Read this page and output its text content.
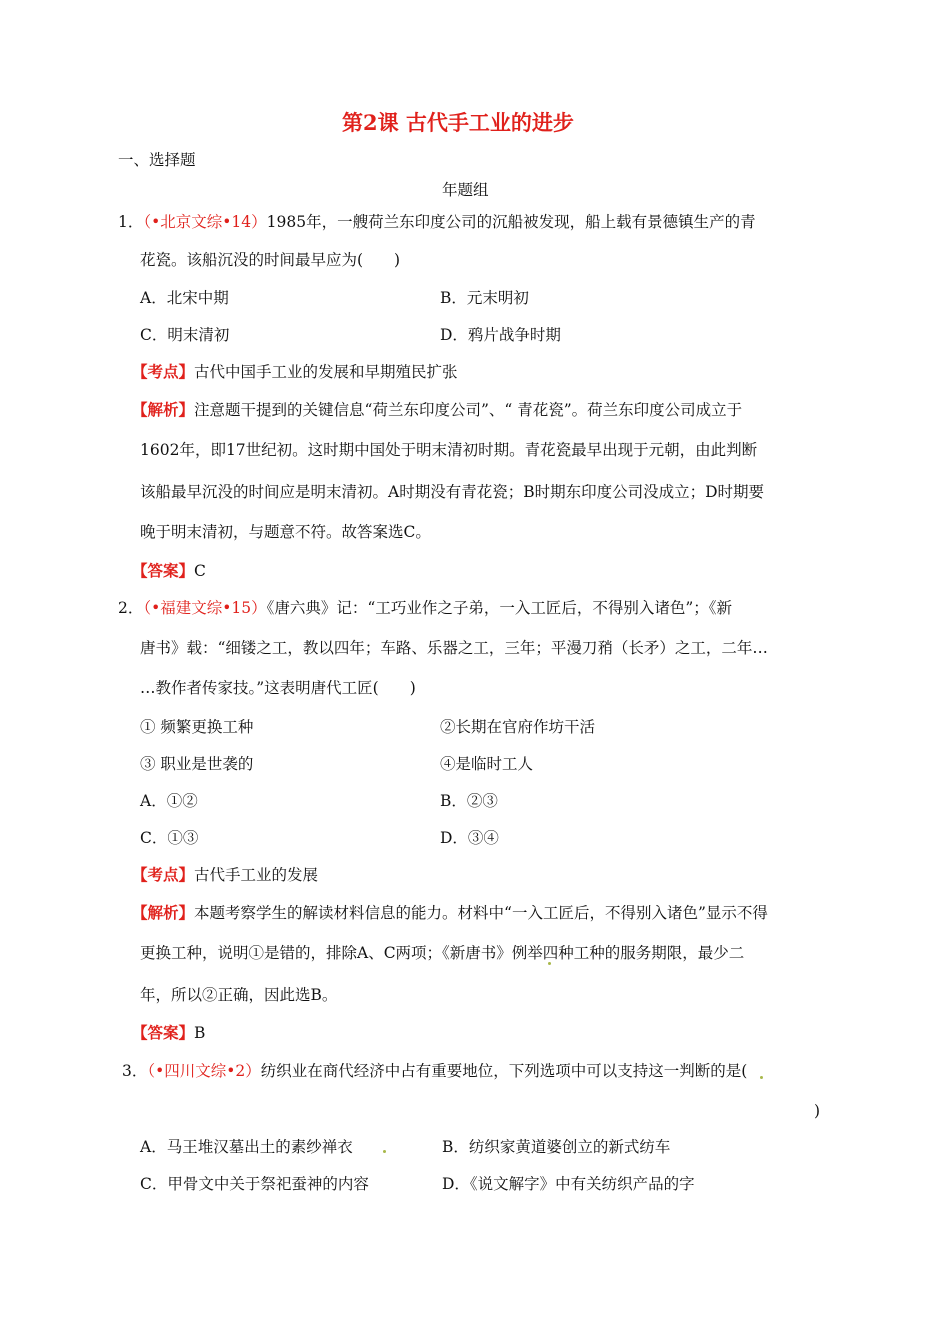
第2课 古代手工业的进步
一、选择题
年题组
1．（•北京文综•14）1985年，一艘荷兰东印度公司的沉船被发现，船上载有景德镇生产的青
花瓷。该船沉没的时间最早应为(　　)
A．北宋中期	B．元末明初
C．明末清初	D．鸦片战争时期
【考点】古代中国手工业的发展和早期殖民扩张
【解析】注意题干提到的关键信息“荷兰东印度公司”、“ 青花瓷”。荷兰东印度公司成立于
1602年，即17世纪初。这时期中国处于明末清初时期。青花瓷最早出现于元朝，由此判断
该船最早沉没的时间应是明末清初。A时期没有青花瓷；B时期东印度公司没成立；D时期要
晚于明末清初，与题意不符。故答案选C。
【答案】C
2．（•福建文综•15）《唐六典》记：“工巧业作之子弟，一入工匠后，不得别入诸色”；《新
唐书》载：“细镂之工，教以四年；车路、乐器之工，三年；平漫刀矟（长矛）之工，二年…
…教作者传家技。”这表明唐代工匠(　　)
① 频繁更换工种	②长期在官府作坊干活
③ 职业是世袭的	④是临时工人
A．①②	B．②③
C．①③	D．③④
【考点】古代手工业的发展
【解析】本题考察学生的解读材料信息的能力。材料中“一入工匠后，不得别入诸色”显示不得
更换工种，说明①是错的，排除A、C两项；《新唐书》例举四种工种的服务期限，最少二
年，所以②正确，因此选B。
【答案】B
3．（•四川文综•2）纺织业在商代经济中占有重要地位，下列选项中可以支持这一判断的是(
)
A．马王堆汉墓出土的素纱禅衣	B．纺织家黄道婆创立的新式纺车
C．甲骨文中关于祭祀蚕神的内容	D．《说文解字》中有关纺织产品的字
